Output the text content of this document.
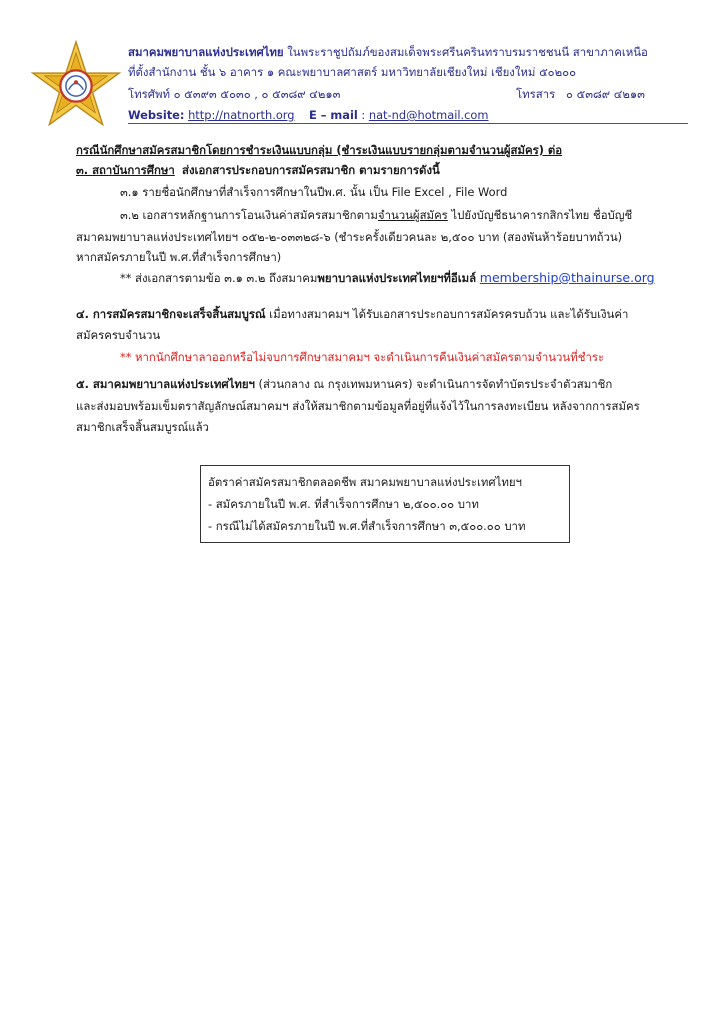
สมาคมพยาบาลแห่งประเทศไทย ในพระราชูปถัมภ์ของสมเด็จพระศรีนครินทราบรมราชชนนี สาขาภาคเหนือ
ที่ตั้งสำนักงาน ชั้น ๖ อาคาร ๑ คณะพยาบาลศาสตร์ มหาวิทยาลัยเชียงใหม่ เชียงใหม่ ๕๐๒๐๐
โทรศัพท์ ๐ ๕๓๙๓ ๕๐๓๐ , ๐ ๕๓๘๙ ๔๒๑๓	โทรสาร ๐ ๕๓๘๙ ๔๒๑๓
Website: http://natnorth.org E – mail : nat-nd@hotmail.com
กรณีนักศึกษาสมัครสมาชิกโดยการชำระเงินแบบกลุ่ม (ชำระเงินแบบรายกลุ่มตามจำนวนผู้สมัคร) ต่อ
๓. สถาบันการศึกษา ส่งเอกสารประกอบการสมัครสมาชิก ตามรายการดังนี้
๓.๑ รายชื่อนักศึกษาที่สำเร็จการศึกษาในปีพ.ศ. นั้น เป็น File Excel , File Word
๓.๒ เอกสารหลักฐานการโอนเงินค่าสมัครสมาชิกตามจำนวนผู้สมัคร ไปยังบัญชีธนาคารกสิกรไทย ชื่อบัญชี
สมาคมพยาบาลแห่งประเทศไทยฯ ๐๕๒-๒-๐๓๓๒๘-๖ (ชำระครั้งเดียวคนละ ๒,๕๐๐ บาท (สองพันห้าร้อยบาทถ้วน)
หากสมัครภายในปี พ.ศ.ที่สำเร็จการศึกษา)
** ส่งเอกสารตามข้อ ๓.๑ ๓.๒ ถึงสมาคมพยาบาลแห่งประเทศไทยฯที่อีเมล์ membership@thainurse.org
๔. การสมัครสมาชิกจะเสร็จสิ้นสมบูรณ์ เมื่อทางสมาคมฯ ได้รับเอกสารประกอบการสมัครครบถ้วน และได้รับเงินค่า
สมัครครบจำนวน
** หากนักศึกษาลาออกหรือไม่จบการศึกษาสมาคมฯ จะดำเนินการคืนเงินค่าสมัครตามจำนวนที่ชำระ
๕. สมาคมพยาบาลแห่งประเทศไทยฯ (ส่วนกลาง ณ กรุงเทพมหานคร) จะดำเนินการจัดทำบัตรประจำตัวสมาชิก
และส่งมอบพร้อมเข็มตราสัญลักษณ์สมาคมฯ ส่งให้สมาชิกตามข้อมูลที่อยู่ที่แจ้งไว้ในการลงทะเบียน หลังจากการสมัคร
สมาชิกเสร็จสิ้นสมบูรณ์แล้ว
อัตราค่าสมัครสมาชิกตลอดชีพ สมาคมพยาบาลแห่งประเทศไทยฯ
- สมัครภายในปี พ.ศ. ที่สำเร็จการศึกษา ๒,๕๐๐.๐๐ บาท
- กรณีไม่ได้สมัครภายในปี พ.ศ.ที่สำเร็จการศึกษา ๓,๕๐๐.๐๐ บาท
